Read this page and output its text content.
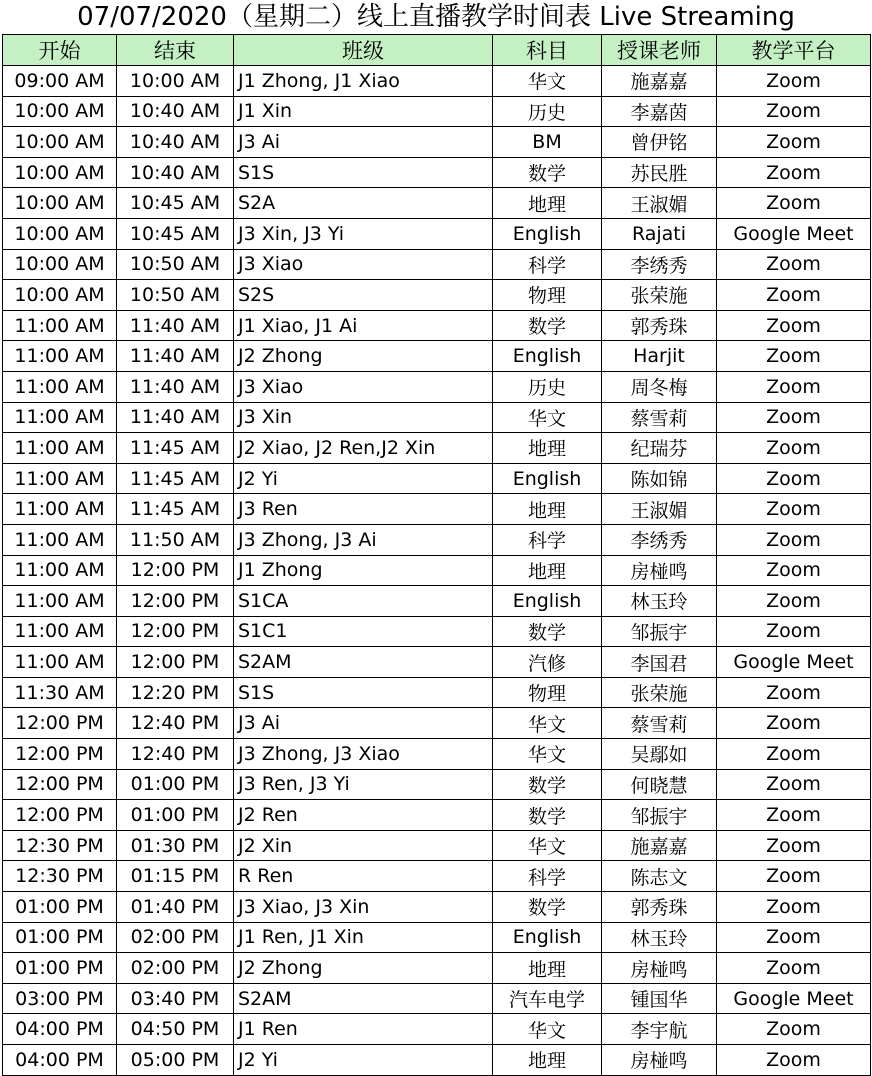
07/07/2020（星期二）线上直播教学时间表 Live Streaming
开始	结束	班级	科目	授课老师	教学平台
09:00 AM	10:00 AM	J1 Zhong, J1 Xiao	华文	施嘉嘉	Zoom
10:00 AM	10:40 AM	J1 Xin	历史	李嘉茵	Zoom
10:00 AM	10:40 AM	J3 Ai	BM	曾伊铭	Zoom
10:00 AM	10:40 AM	S1S	数学	苏民胜	Zoom
10:00 AM	10:45 AM	S2A	地理	王淑媚	Zoom
10:00 AM	10:45 AM	J3 Xin, J3 Yi	English	Rajati	Google Meet
10:00 AM	10:50 AM	J3 Xiao	科学	李绣秀	Zoom
10:00 AM	10:50 AM	S2S	物理	张荣施	Zoom
11:00 AM	11:40 AM	J1 Xiao, J1 Ai	数学	郭秀珠	Zoom
11:00 AM	11:40 AM	J2 Zhong	English	Harjit	Zoom
11:00 AM	11:40 AM	J3 Xiao	历史	周冬梅	Zoom
11:00 AM	11:40 AM	J3 Xin	华文	蔡雪莉	Zoom
11:00 AM	11:45 AM	J2 Xiao, J2 Ren,J2 Xin	地理	纪瑞芬	Zoom
11:00 AM	11:45 AM	J2 Yi	English	陈如锦	Zoom
11:00 AM	11:45 AM	J3 Ren	地理	王淑媚	Zoom
11:00 AM	11:50 AM	J3 Zhong, J3 Ai	科学	李绣秀	Zoom
11:00 AM	12:00 PM	J1 Zhong	地理	房椪鸣	Zoom
11:00 AM	12:00 PM	S1CA	English	林玉玲	Zoom
11:00 AM	12:00 PM	S1C1	数学	邹振宇	Zoom
11:00 AM	12:00 PM	S2AM	汽修	李国君	Google Meet
11:30 AM	12:20 PM	S1S	物理	张荣施	Zoom
12:00 PM	12:40 PM	J3 Ai	华文	蔡雪莉	Zoom
12:00 PM	12:40 PM	J3 Zhong, J3 Xiao	华文	吴鄢如	Zoom
12:00 PM	01:00 PM	J3 Ren, J3 Yi	数学	何晓慧	Zoom
12:00 PM	01:00 PM	J2 Ren	数学	邹振宇	Zoom
12:30 PM	01:30 PM	J2 Xin	华文	施嘉嘉	Zoom
12:30 PM	01:15 PM	R Ren	科学	陈志文	Zoom
01:00 PM	01:40 PM	J3 Xiao, J3 Xin	数学	郭秀珠	Zoom
01:00 PM	02:00 PM	J1 Ren, J1 Xin	English	林玉玲	Zoom
01:00 PM	02:00 PM	J2 Zhong	地理	房椪鸣	Zoom
03:00 PM	03:40 PM	S2AM	汽车电学	锺国华	Google Meet
04:00 PM	04:50 PM	J1 Ren	华文	李宇航	Zoom
04:00 PM	05:00 PM	J2 Yi	地理	房椪鸣	Zoom
